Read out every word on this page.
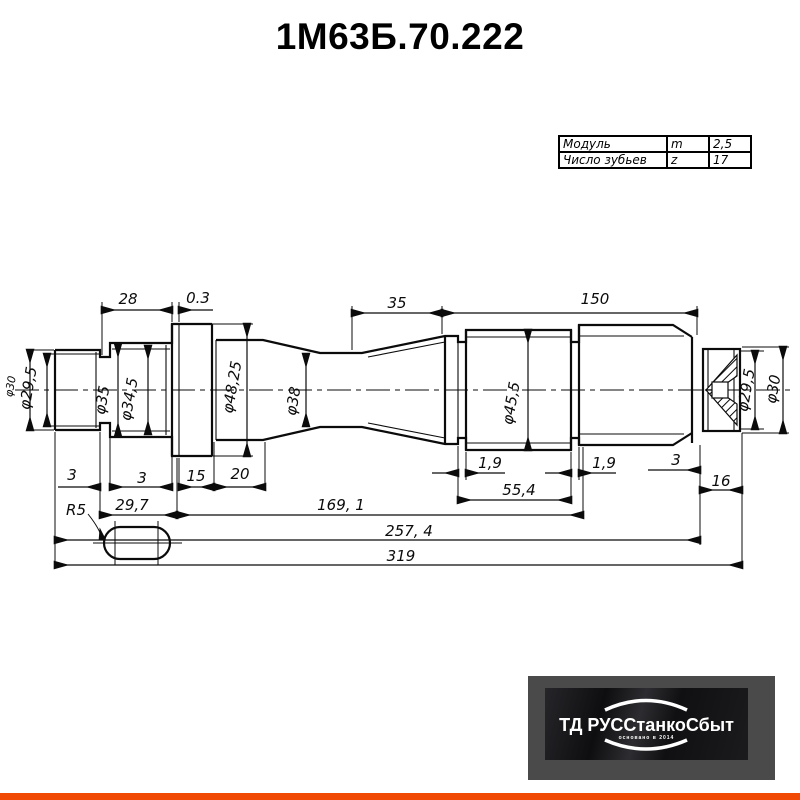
1М63Б.70.222
Модуль	m	2,5
Число зубьев	z	17
28	0.3	35	150
φ30
φ29,5	φ35 φ34,5	φ48,25 φ38	φ45,5	φ29,5 φ30
3	3	15 20
1,9	1,9
55,4
3
16
29,7	169, 1
257, 4
319
R5
ТД РУССтанкоСбыт
основано в 2014
